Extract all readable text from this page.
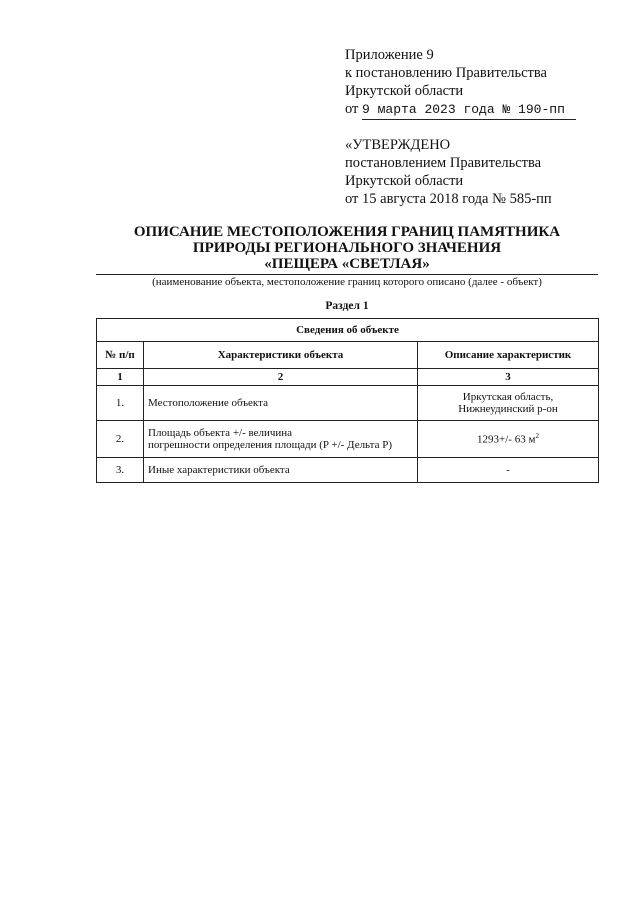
Приложение 9
к постановлению Правительства
Иркутской области
от 9 марта 2023 года № 190-пп
«УТВЕРЖДЕНО
постановлением Правительства
Иркутской области
от 15 августа 2018 года № 585-пп
ОПИСАНИЕ МЕСТОПОЛОЖЕНИЯ ГРАНИЦ ПАМЯТНИКА
ПРИРОДЫ РЕГИОНАЛЬНОГО ЗНАЧЕНИЯ
«ПЕЩЕРА «СВЕТЛАЯ»
(наименование объекта, местоположение границ которого описано (далее - объект)
Раздел 1
Сведения об объекте		
№ п/п	Характеристики объекта	Описание характеристик
1	2	3
1.	Местоположение объекта	Иркутская область,
Нижнеудинский р-он

2.	Площадь объекта +/- величина
погрешности определения площади (P +/- Дельта P)	1293+/- 63 $м^2$
3.	Иные характеристики объекта	-
